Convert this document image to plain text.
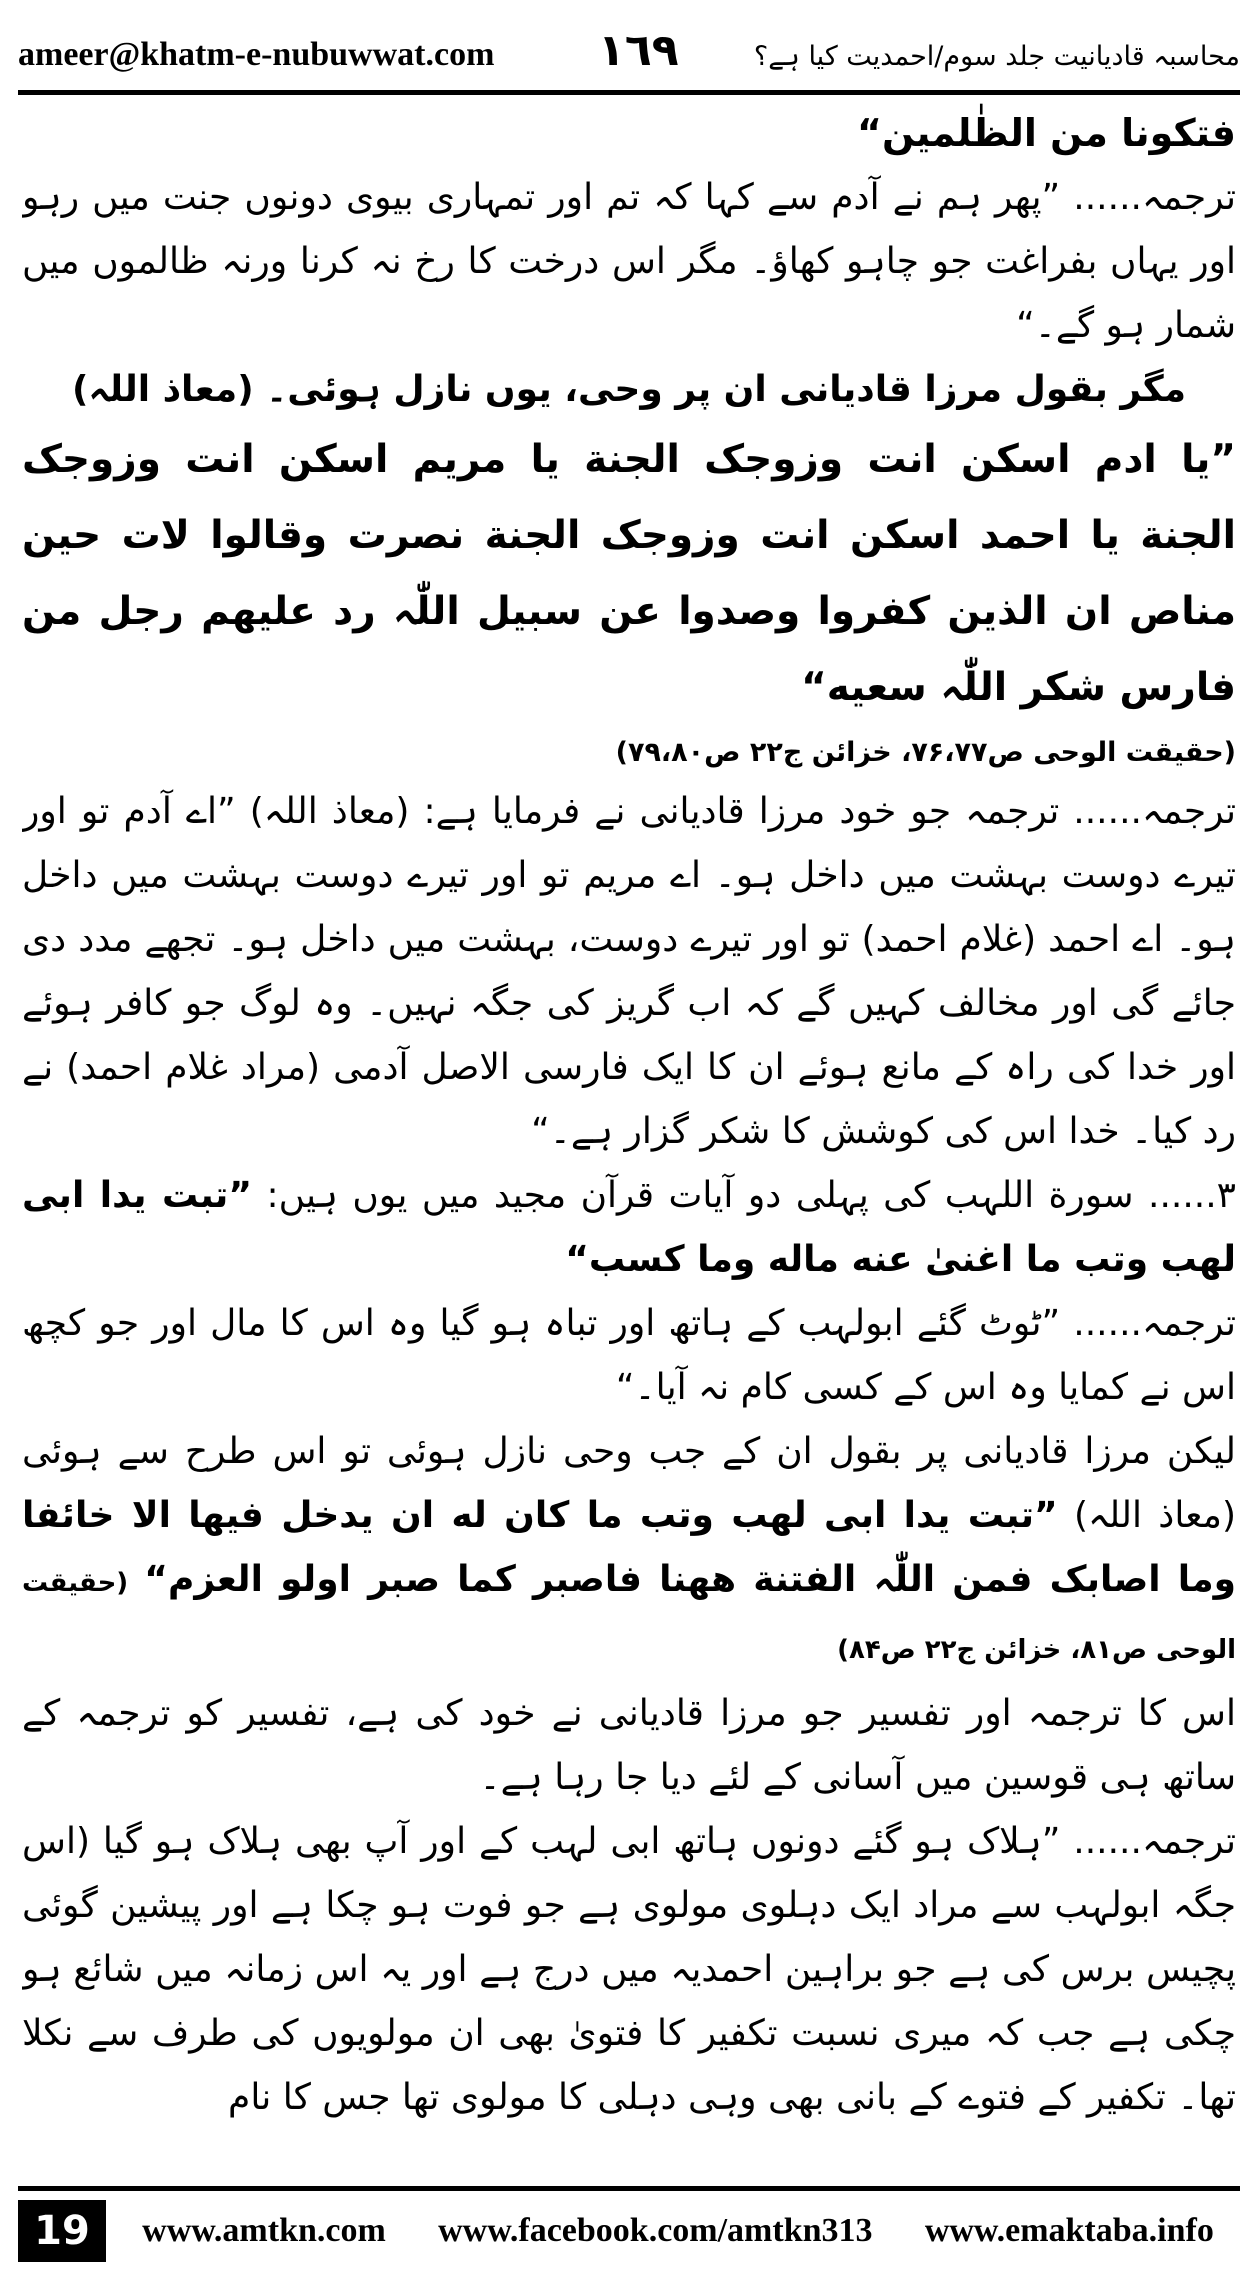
ameer@khatm-e-nubuwwat.com ١٦٩	محاسبہ قادیانیت جلد سوم/احمدیت کیا ہے؟

فتکونا من الظٰلمین“

ترجمہ...... ”پھر ہم نے آدم سے کہا کہ تم اور تمہاری بیوی دونوں جنت میں رہو اور یہاں بفراغت جو چاہو کھاؤ۔ مگر اس درخت کا رخ نہ کرنا ورنہ ظالموں میں شمار ہو گے۔“

مگر بقول مرزا قادیانی ان پر وحی، یوں نازل ہوئی۔ (معاذ اللہ)

”یا ادم اسکن انت وزوجک الجنة یا مریم اسکن انت وزوجک الجنة یا احمد اسکن انت وزوجک الجنة نصرت وقالوا لات حین مناص ان الذین کفروا وصدوا عن سبیل اللّٰہ رد علیهم رجل من فارس شکر اللّٰہ سعیه“

(حقیقت الوحی ص۷۶،۷۷، خزائن ج۲۲ ص۷۹،۸۰)

ترجمہ...... ترجمہ جو خود مرزا قادیانی نے فرمایا ہے: (معاذ اللہ) ”اے آدم تو اور تیرے دوست بہشت میں داخل ہو۔ اے مریم تو اور تیرے دوست بہشت میں داخل ہو۔ اے احمد (غلام احمد) تو اور تیرے دوست، بہشت میں داخل ہو۔ تجھے مدد دی جائے گی اور مخالف کہیں گے کہ اب گریز کی جگہ نہیں۔ وہ لوگ جو کافر ہوئے اور خدا کی راہ کے مانع ہوئے ان کا ایک فارسی الاصل آدمی (مراد غلام احمد) نے رد کیا۔ خدا اس کی کوشش کا شکر گزار ہے۔“

۳...... سورة اللہب کی پہلی دو آیات قرآن مجید میں یوں ہیں: ”تبت یدا ابی لهب وتب ما اغنیٰ عنه ماله وما کسب“

ترجمہ...... ”ٹوٹ گئے ابولہب کے ہاتھ اور تباہ ہو گیا وہ اس کا مال اور جو کچھ اس نے کمایا وہ اس کے کسی کام نہ آیا۔“

لیکن مرزا قادیانی پر بقول ان کے جب وحی نازل ہوئی تو اس طرح سے ہوئی (معاذ اللہ) ”تبت یدا ابی لهب وتب ما کان له ان یدخل فیها الا خائفا وما اصابک فمن اللّٰہ الفتنة ھھنا فاصبر کما صبر اولو العزم“ (حقیقت الوحی ص۸۱، خزائن ج۲۲ ص۸۴)

اس کا ترجمہ اور تفسیر جو مرزا قادیانی نے خود کی ہے، تفسیر کو ترجمہ کے ساتھ ہی قوسین میں آسانی کے لئے دیا جا رہا ہے۔

ترجمہ...... ”ہلاک ہو گئے دونوں ہاتھ ابی لہب کے اور آپ بھی ہلاک ہو گیا (اس جگہ ابولہب سے مراد ایک دہلوی مولوی ہے جو فوت ہو چکا ہے اور پیشین گوئی پچیس برس کی ہے جو براہین احمدیہ میں درج ہے اور یہ اس زمانہ میں شائع ہو چکی ہے جب کہ میری نسبت تکفیر کا فتویٰ بھی ان مولویوں کی طرف سے نکلا تھا۔ تکفیر کے فتوے کے بانی بھی وہی دہلی کا مولوی تھا جس کا نام

19	www.amtkn.com www.facebook.com/amtkn313 www.emaktaba.info
